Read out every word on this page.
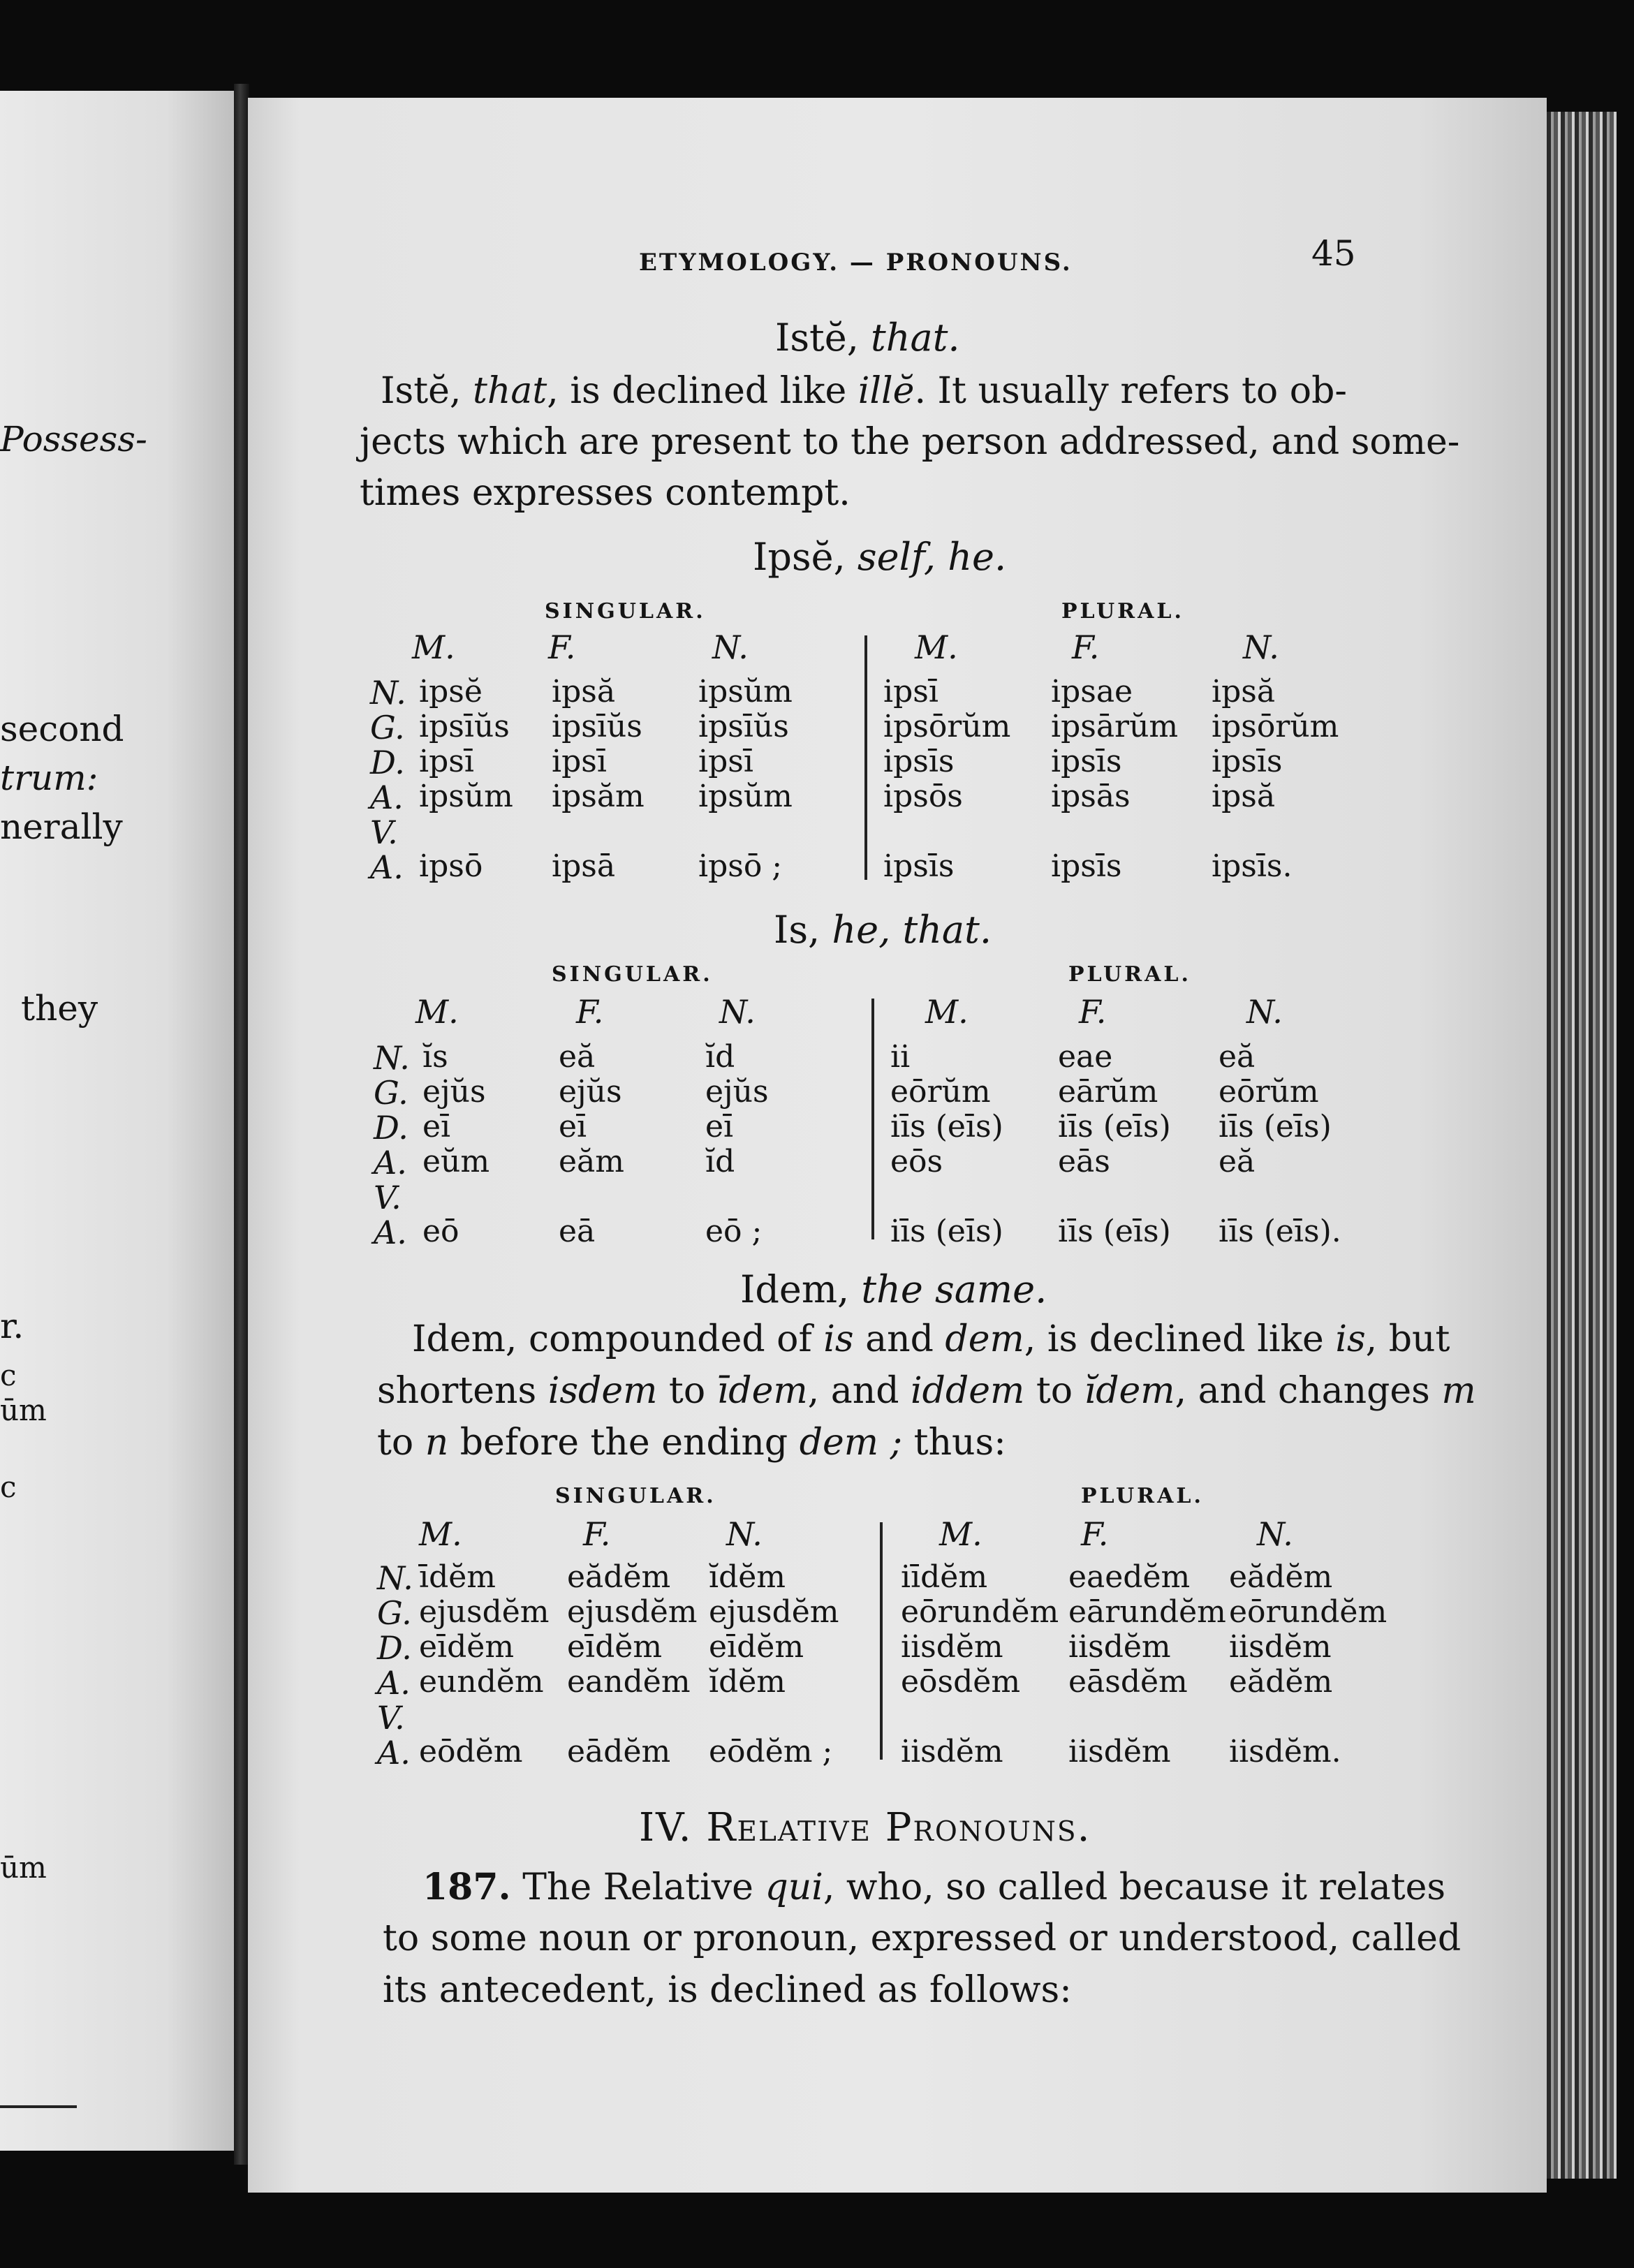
Possess-
second
trum:
nerally
they
r.
c
ūm
c
ūm
ETYMOLOGY. — PRONOUNS.	45
Istĕ, that.
Istĕ, that, is declined like illĕ. It usually refers to ob-
jects which are present to the person addressed, and some-
times expresses contempt.
Ipsĕ, self, he.
SINGULAR.	PLURAL.
M.	F.	N.	M.	F.	N.
N. ipsĕ ipsă	ipsŭm	ipsī	ipsae	ipsă
G. ipsīŭs ipsīŭs ipsīŭs	ipsōrŭm ipsārŭm ipsōrŭm
D. ipsī	ipsī	ipsī	ipsīs	ipsīs	ipsīs
A. ipsŭm ipsăm ipsŭm	ipsōs	ipsās	ipsă
V.
A. ipsō ipsā	ipsō ;	ipsīs	ipsīs	ipsīs.
Is, he, that.
SINGULAR.	PLURAL.
M.	F.	N.	M.	F.	N.
N. ĭs	eă	ĭd	ii	eae	eă
G. ejŭs ejŭs	ejŭs	eōrŭm eārŭm eōrŭm
D. eī	eī	eī	iīs (eīs) iīs (eīs) iīs (eīs)
A. eŭm eăm	ĭd	eōs	eās	eă
V.
A. eō	eā	eō ;	iīs (eīs) iīs (eīs) iīs (eīs).
Idem, the same.
Idem, compounded of is and dem, is declined like is, but
shortens isdem to īdem, and iddem to ĭdem, and changes m
to n before the ending dem ; thus:
SINGULAR.	PLURAL.
M.	F.	N.	M.	F.	N.
N. īdĕm eădĕm ĭdĕm	iīdĕm	eaedĕm eădĕm
G. ejusdĕm ejusdĕm ejusdĕm eōrundĕm eārundĕm eōrundĕm
D. eīdĕm eīdĕm eīdĕm	iisdĕm iisdĕm iisdĕm
A. eundĕm eandĕm ĭdĕm	eōsdĕm eāsdĕm eădĕm
V.
A. eōdĕm eādĕm eōdĕm ; iisdĕm iisdĕm iisdĕm.
IV. Relative Pronouns.
187. The Relative qui, who, so called because it relates
to some noun or pronoun, expressed or understood, called
its antecedent, is declined as follows:
